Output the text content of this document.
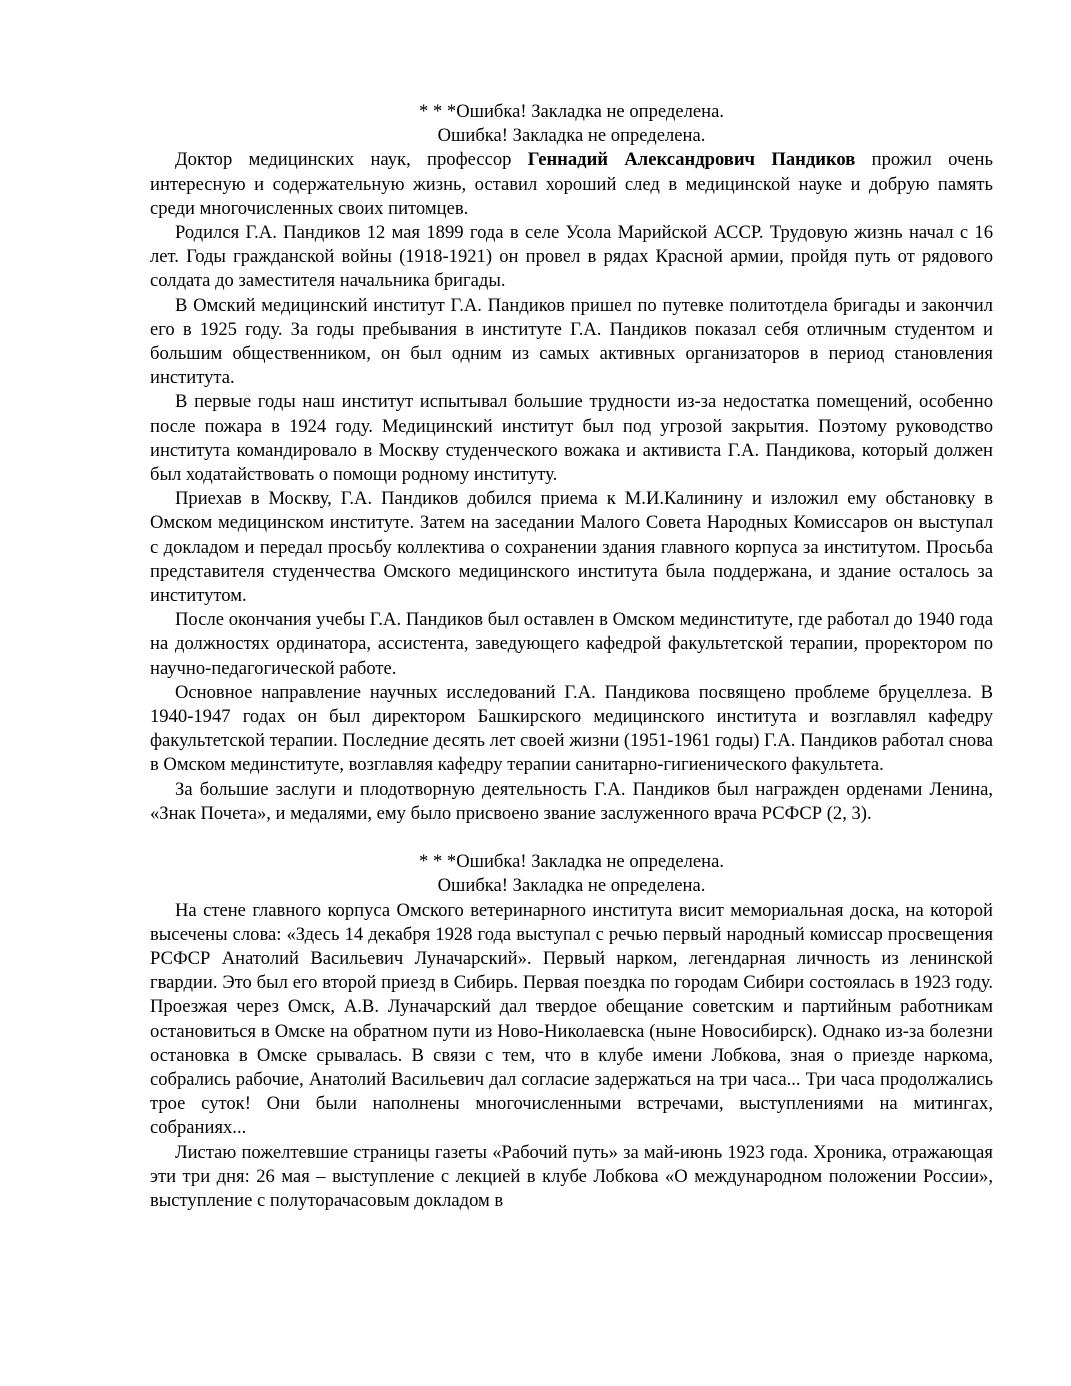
* * *Ошибка! Закладка не определена.

Ошибка! Закладка не определена.

Доктор медицинских наук, профессор Геннадий Александрович Пандиков прожил очень интересную и содержательную жизнь, оставил хороший след в медицинской науке и добрую память среди многочисленных своих питомцев.

Родился Г.А. Пандиков 12 мая 1899 года в селе Усола Марийской АССР. Трудовую жизнь начал с 16 лет. Годы гражданской войны (1918-1921) он провел в рядах Красной армии, пройдя путь от рядового солдата до заместителя начальника бригады.

В Омский медицинский институт Г.А. Пандиков пришел по путевке политотдела бригады и закончил его в 1925 году. За годы пребывания в институте Г.А. Пандиков показал себя отличным студентом и большим общественником, он был одним из самых активных организаторов в период становления института.

В первые годы наш институт испытывал большие трудности из-за недостатка помещений, особенно после пожара в 1924 году. Медицинский институт был под угрозой закрытия. Поэтому руководство института командировало в Москву студенческого вожака и активиста Г.А. Пандикова, который должен был ходатайствовать о помощи родному институту.

Приехав в Москву, Г.А. Пандиков добился приема к М.И.Калинину и изложил ему обстановку в Омском медицинском институте. Затем на заседании Малого Совета Народных Комиссаров он выступал с докладом и передал просьбу коллектива о сохранении здания главного корпуса за институтом. Просьба представителя студенчества Омского медицинского института была поддержана, и здание осталось за институтом.

После окончания учебы Г.А. Пандиков был оставлен в Омском мединституте, где работал до 1940 года на должностях ординатора, ассистента, заведующего кафедрой факультетской терапии, проректором по научно-педагогической работе.

Основное направление научных исследований Г.А. Пандикова посвящено проблеме бруцеллеза. В 1940-1947 годах он был директором Башкирского медицинского института и возглавлял кафедру факультетской терапии. Последние десять лет своей жизни (1951-1961 годы) Г.А. Пандиков работал снова в Омском мединституте, возглавляя кафедру терапии санитарно-гигиенического факультета.

За большие заслуги и плодотворную деятельность Г.А. Пандиков был награжден орденами Ленина, «Знак Почета», и медалями, ему было присвоено звание заслуженного врача РСФСР (2, 3).

* * *Ошибка! Закладка не определена.

Ошибка! Закладка не определена.

На стене главного корпуса Омского ветеринарного института висит мемориальная доска, на которой высечены слова: «Здесь 14 декабря 1928 года выступал с речью первый народный комиссар просвещения РСФСР Анатолий Васильевич Луначарский». Первый нарком, легендарная личность из ленинской гвардии. Это был его второй приезд в Сибирь. Первая поездка по городам Сибири состоялась в 1923 году. Проезжая через Омск, А.В. Луначарский дал твердое обещание советским и партийным работникам остановиться в Омске на обратном пути из Ново-Николаевска (ныне Новосибирск). Однако из-за болезни остановка в Омске срывалась. В связи с тем, что в клубе имени Лобкова, зная о приезде наркома, собрались рабочие, Анатолий Васильевич дал согласие задержаться на три часа... Три часа продолжались трое суток! Они были наполнены многочисленными встречами, выступлениями на митингах, собраниях...

Листаю пожелтевшие страницы газеты «Рабочий путь» за май-июнь 1923 года. Хроника, отражающая эти три дня: 26 мая – выступление с лекцией в клубе Лобкова «О международном положении России», выступление с полуторачасовым докладом в
